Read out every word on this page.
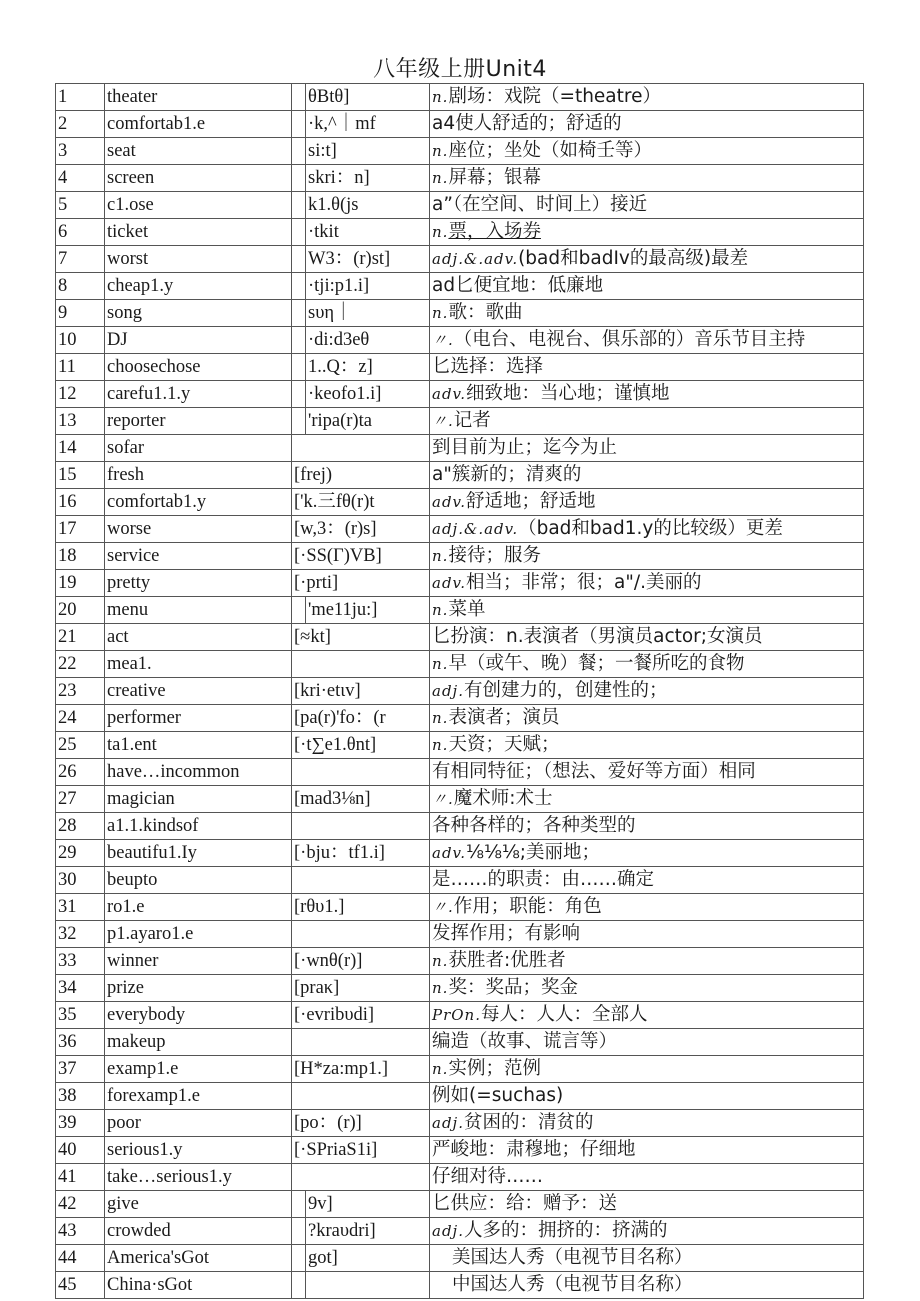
八年级上册Unit4
1	theater		θBtθ]	n.剧场：戏院（=theatre）
2	comfortab1.e		·k,^｜mf	a4使人舒适的；舒适的
3	seat		si:t]	n.座位；坐处（如椅壬等）
4	screen		skri：n]	n.屏幕；银幕
5	c1.ose		k1.θ(js	a”（在空间、时间上）接近
6	ticket		·tkit	n.票，入场券
7	worst		W3：(r)st]	adj.&.adv.(bad和badIv的最高级)最差
8	cheap1.y		·tji:p1.i]	ad匕便宜地：低廉地
9	song		sυη｜	n.歌：歌曲
10	DJ		·di:d3eθ	〃.（电台、电视台、俱乐部的）音乐节目主持
11	choosechose		1..Q：z]	匕选择：选择
12	carefu1.1.y		·keofo1.i]	adv.细致地：当心地；谨慎地
13	reporter		'ripa(r)ta	〃.记者
14	sofar			到目前为止；迄今为止
15	fresh	[frej)		a"簇新的；清爽的
16	comfortab1.y	['k.三fθ(r)t		adv.舒适地；舒适地
17	worse	[w,3：(r)s]		adj.&.adv.（bad和bad1.y的比较级）更差
18	service	[·SS(Γ)VB]		n.接待；服务
19	pretty	[·prti]		adv.相当；非常；很；a"/.美丽的
20	menu		'me11ju:]	n.菜单
21	act	[≈kt]		匕扮演：n.表演者（男演员actor;女演员
22	mea1.			n.早（或午、晚）餐；一餐所吃的食物
23	creative	[kri·etιv]		adj.有创建力的，创建性的；
24	performer	[pa(r)'fo：(r		n.表演者；演员
25	ta1.ent	[·t∑e1.θnt]		n.天资；天赋；
26	have…incommon			有相同特征；（想法、爱好等方面）相同
27	magician	[mad3⅛n]		〃.魔术师:术士
28	a1.1.kindsof			各种各样的；各种类型的
29	beautifu1.Iy	[·bju：tf1.i]		adv.⅛⅛⅛;美丽地；
30	beupto			是……的职责：由……确定
31	ro1.e	[rθυ1.]		〃.作用；职能：角色
32	p1.ayaro1.e			发挥作用；有影响
33	winner	[·wnθ(r)]		n.获胜者:优胜者
34	prize	[praκ]		n.奖：奖品；奖金
35	everybody	[·evribυdi]		PrOn.每人：人人：全部人
36	makeup			编造（故事、谎言等）
37	examp1.e	[H*za:mp1.]		n.实例；范例
38	forexamp1.e			例如(=suchas)
39	poor	[po：(r)]		adj.贫困的：清贫的
40	serious1.y	[·SPriaS1i]		严峻地：肃穆地；仔细地
41	take…serious1.y			仔细对待……
42	give		9v]	匕供应：给：赠予：送
43	crowded		?kraυdri]	adj.人多的：拥挤的：挤满的
44	America'sGot		got]	美国达人秀（电视节目名称）
45	China·sGot			中国达人秀（电视节目名称）
